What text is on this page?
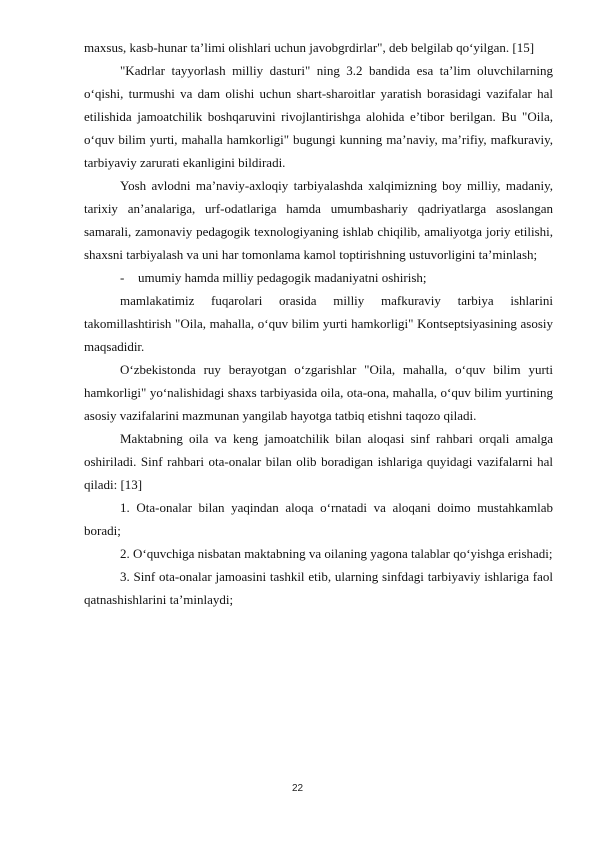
maxsus, kasb-hunar ta’limi olishlari uchun javobgrdirlar", deb belgilab qo‘yilgan. [15]

"Kadrlar tayyorlash milliy dasturi" ning 3.2 bandida esa ta’lim oluvchilarning o‘qishi, turmushi va dam olishi uchun shart-sharoitlar yaratish borasidagi vazifalar hal etilishida jamoatchilik boshqaruvini rivojlantirishga alohida e’tibor berilgan. Bu "Oila, o‘quv bilim yurti, mahalla hamkorligi" bugungi kunning ma’naviy, ma’rifiy, mafkuraviy, tarbiyaviy zarurati ekanligini bildiradi.

Yosh avlodni ma’naviy-axloqiy tarbiyalashda xalqimizning boy milliy, madaniy, tarixiy an’analariga, urf-odatlariga hamda umumbashariy qadriyatlarga asoslangan samarali, zamonaviy pedagogik texnologiyaning ishlab chiqilib, amaliyotga joriy etilishi, shaxsni tarbiyalash va uni har tomonlama kamol toptirishning ustuvorligini ta’minlash;

- umumiy hamda milliy pedagogik madaniyatni oshirish;

mamlakatimiz fuqarolari orasida milliy mafkuraviy tarbiya ishlarini takomillashtirish "Oila, mahalla, o‘quv bilim yurti hamkorligi" Kontseptsiyasining asosiy maqsadidir.

O‘zbekistonda ruy berayotgan o‘zgarishlar "Oila, mahalla, o‘quv bilim yurti hamkorligi" yo‘nalishidagi shaxs tarbiyasida oila, ota-ona, mahalla, o‘quv bilim yurtining asosiy vazifalarini mazmunan yangilab hayotga tatbiq etishni taqozo qiladi.

Maktabning oila va keng jamoatchilik bilan aloqasi sinf rahbari orqali amalga oshiriladi. Sinf rahbari ota-onalar bilan olib boradigan ishlariga quyidagi vazifalarni hal qiladi: [13]

1. Ota-onalar bilan yaqindan aloqa o‘rnatadi va aloqani doimo mustahkamlab boradi;

2. O‘quvchiga nisbatan maktabning va oilaning yagona talablar qo‘yishga erishadi;

3. Sinf ota-onalar jamoasini tashkil etib, ularning sinfdagi tarbiyaviy ishlariga faol qatnashishlarini ta’minlaydi;

22
